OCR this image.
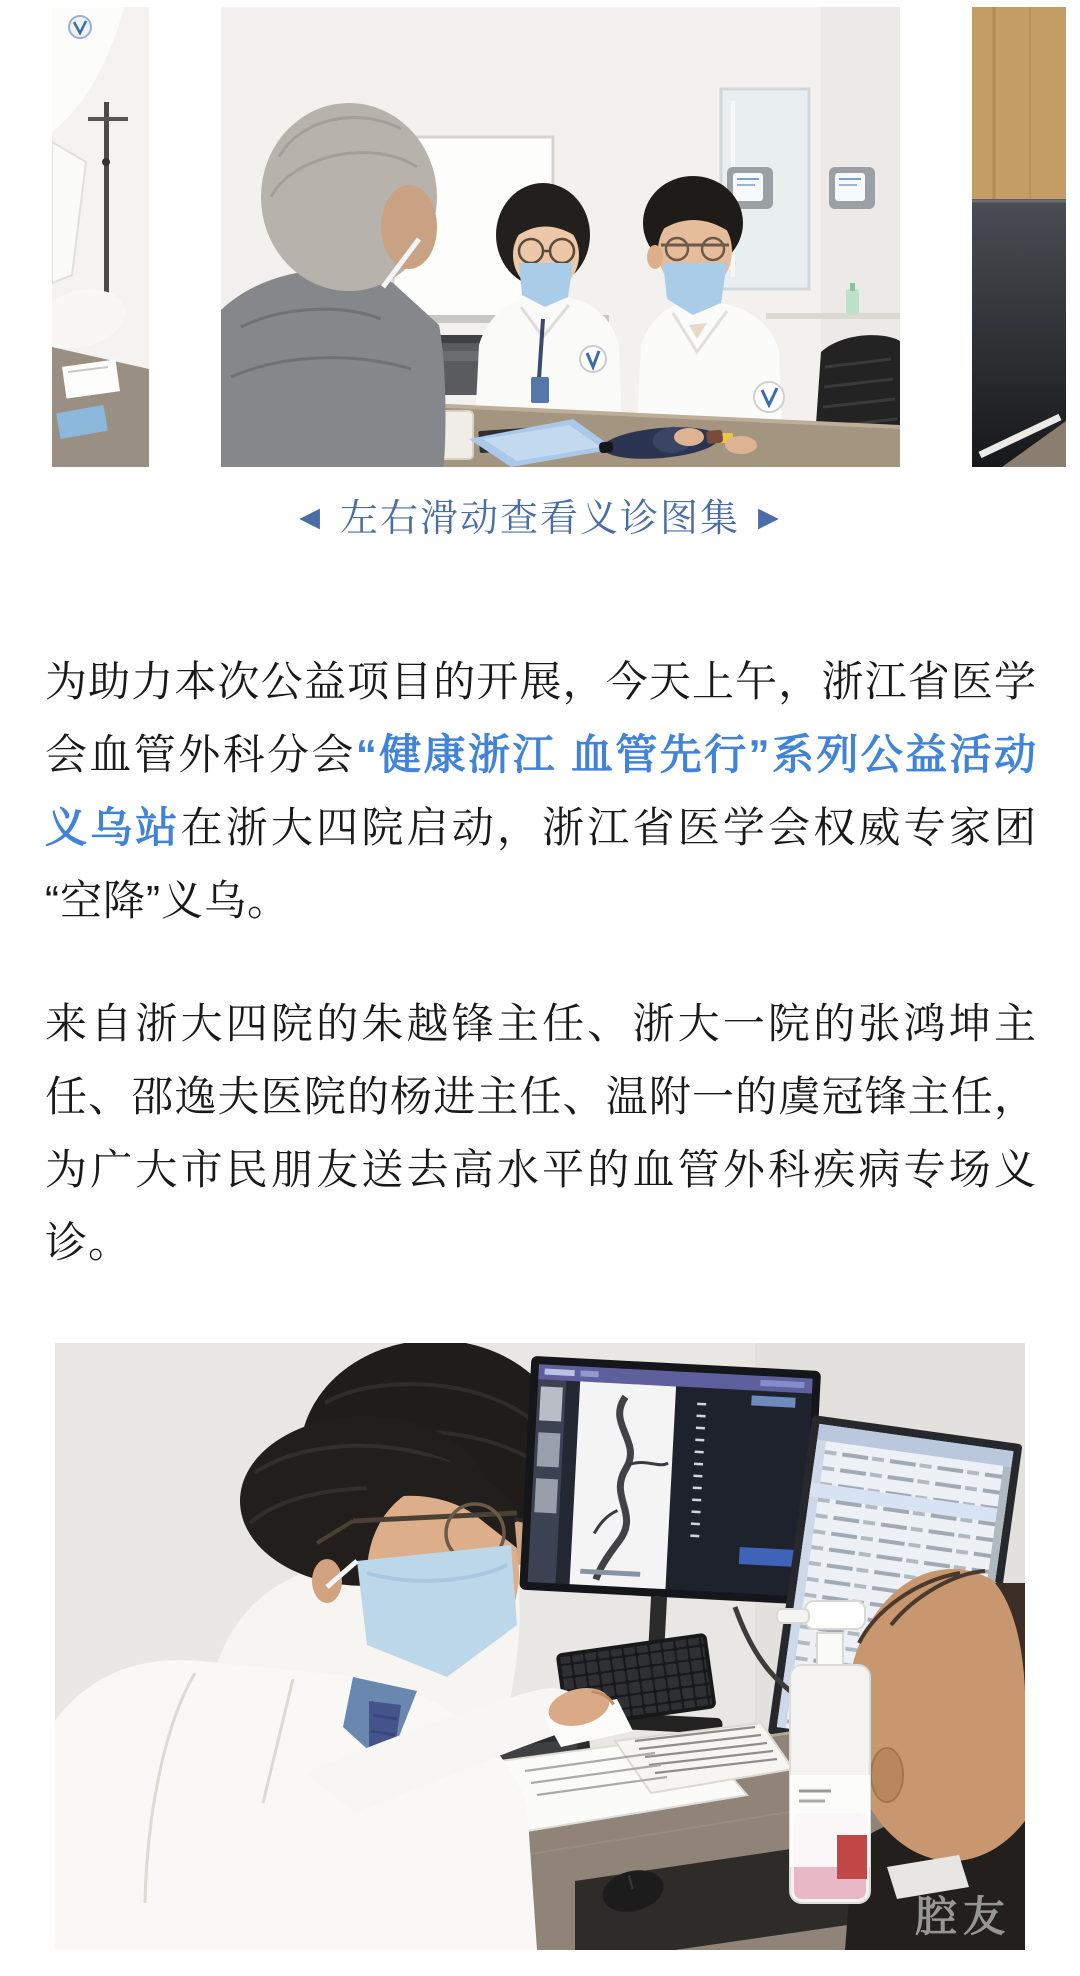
◀ 左右滑动查看义诊图集 ▶

为助力本次公益项目的开展，今天上午，浙江省医学会血管外科分会“健康浙江 血管先行”系列公益活动义乌站在浙大四院启动，浙江省医学会权威专家团“空降”义乌。

来自浙大四院的朱越锋主任、浙大一院的张鸿坤主任、邵逸夫医院的杨进主任、温附一的虞冠锋主任，为广大市民朋友送去高水平的血管外科疾病专场义诊。

腔友
